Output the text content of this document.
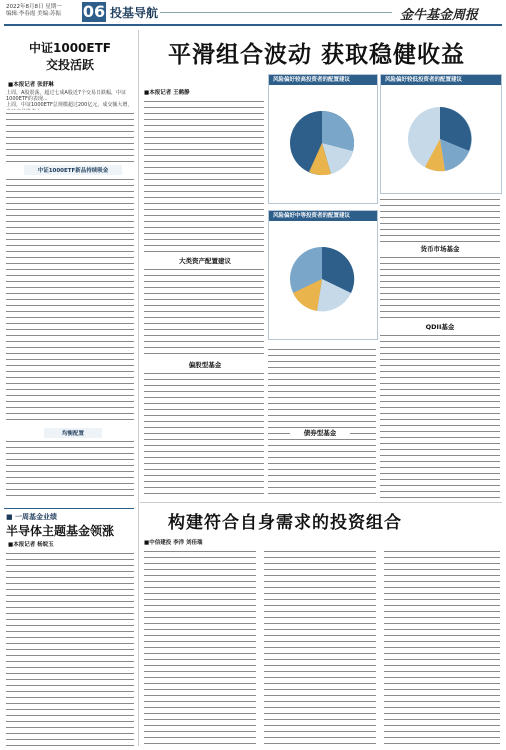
2022年8月8日 星期一
编辑:李春霞 美编:苏振 06 投基导航	金牛基金周报
中证1000ETF
交投活跃
■本报记者 张舒琳
上周，A股震荡，超过七成A股近7个交易日跌幅，中证1000ETF的表现...
上周，中证1000ETF总规模超过200亿元，成交额大增，

中证1000ETF新品持续吸金
均衡配置
■ 一周基金业绩
半导体主题基金领涨
■本报记者 杨皖玉
平滑组合波动 获取稳健收益
■本报记者 王鹤静
大类资产配置建议
偏股型基金
风险偏好较高投资者的配置建议
风险偏好中等投资者的配置建议
债券型基金
风险偏好较低投资者的配置建议
货币市场基金
QDII基金
构建符合自身需求的投资组合
■中信建投 李洋 刘佳瑞
